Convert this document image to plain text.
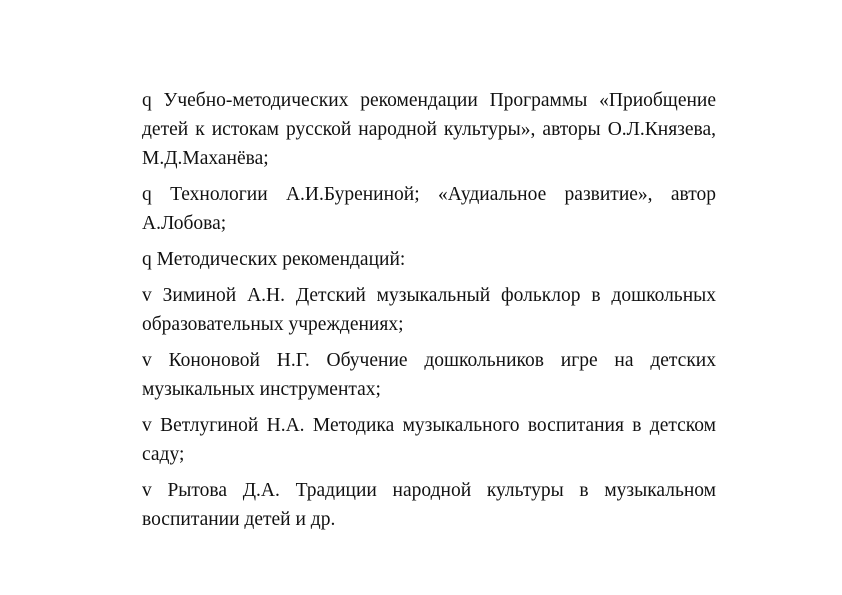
q Учебно-методических рекомендации Программы «Приобщение детей к истокам русской народной культуры», авторы О.Л.Князева, М.Д.Маханёва;

q Технологии А.И.Бурениной; «Аудиальное развитие», автор А.Лобова;

q Методических рекомендаций:

v Зиминой А.Н. Детский музыкальный фольклор в дошкольных образовательных учреждениях;

v Кононовой Н.Г. Обучение дошкольников игре на детских музыкальных инструментах;

v Ветлугиной Н.А. Методика музыкального воспитания в детском саду;

v Рытова Д.А. Традиции народной культуры в музыкальном воспитании детей и др.
